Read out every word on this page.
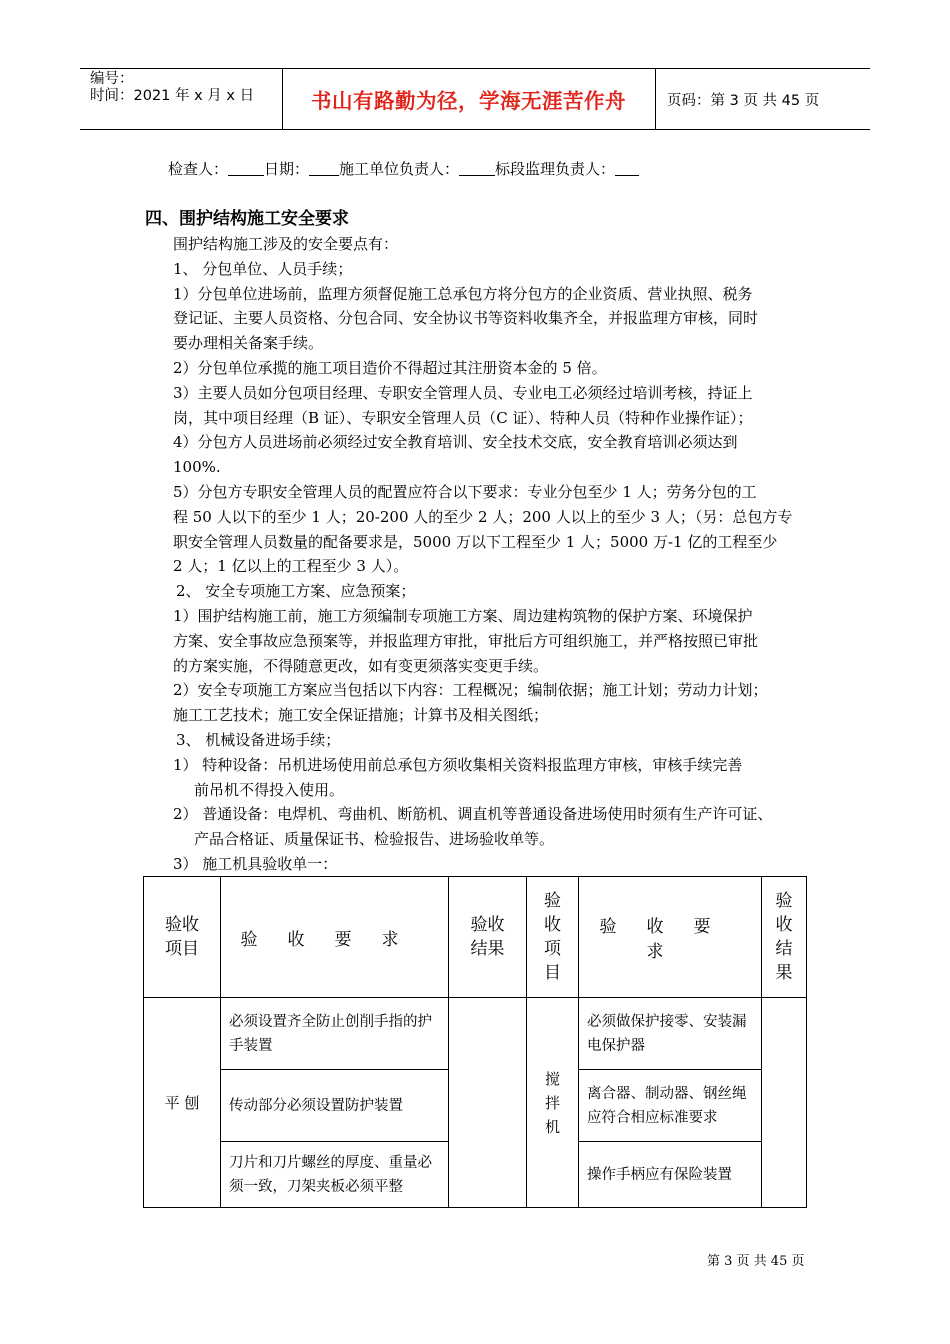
编号：
时间：2021 年 x 月 x 日	书山有路勤为径，学海无涯苦作舟	页码：第 3 页 共 45 页
检查人： 日期： 施工单位负责人： 标段监理负责人：
四、围护结构施工安全要求
围护结构施工涉及的安全要点有：
1、 分包单位、人员手续；
1）分包单位进场前，监理方须督促施工总承包方将分包方的企业资质、营业执照、税务
登记证、主要人员资格、分包合同、安全协议书等资料收集齐全，并报监理方审核，同时
要办理相关备案手续。
2）分包单位承揽的施工项目造价不得超过其注册资本金的 5 倍。
3）主要人员如分包项目经理、专职安全管理人员、专业电工必须经过培训考核，持证上
岗，其中项目经理（B 证）、专职安全管理人员（C 证）、特种人员（特种作业操作证）；
4）分包方人员进场前必须经过安全教育培训、安全技术交底，安全教育培训必须达到
100%.
5）分包方专职安全管理人员的配置应符合以下要求：专业分包至少 1 人；劳务分包的工
程 50 人以下的至少 1 人；20-200 人的至少 2 人；200 人以上的至少 3 人；（另：总包方专
职安全管理人员数量的配备要求是，5000 万以下工程至少 1 人；5000 万-1 亿的工程至少
2 人；1 亿以上的工程至少 3 人）。
2、 安全专项施工方案、应急预案；
1）围护结构施工前，施工方须编制专项施工方案、周边建构筑物的保护方案、环境保护
方案、安全事故应急预案等，并报监理方审批，审批后方可组织施工，并严格按照已审批
的方案实施，不得随意更改，如有变更须落实变更手续。
2）安全专项施工方案应当包括以下内容：工程概况；编制依据；施工计划；劳动力计划；
施工工艺技术；施工安全保证措施；计算书及相关图纸；
3、 机械设备进场手续；
1） 特种设备：吊机进场使用前总承包方须收集相关资料报监理方审核，审核手续完善
前吊机不得投入使用。
2） 普通设备：电焊机、弯曲机、断筋机、调直机等普通设备进场使用时须有生产许可证、
产品合格证、质量保证书、检验报告、进场验收单等。
3） 施工机具验收单一：
验收项目	验收要求	验收结果	验收项目	验收要求	验收结果

平 刨	必须设置齐全防止创削手指的护手装置		搅拌机	必须做保护接零、安装漏电保护器	
	传动部分必须设置防护装置			离合器、制动器、钢丝绳应符合相应标准要求	
	刀片和刀片螺丝的厚度、重量必须一致，刀架夹板必须平整			操作手柄应有保险装置	
第 3 页 共 45 页
